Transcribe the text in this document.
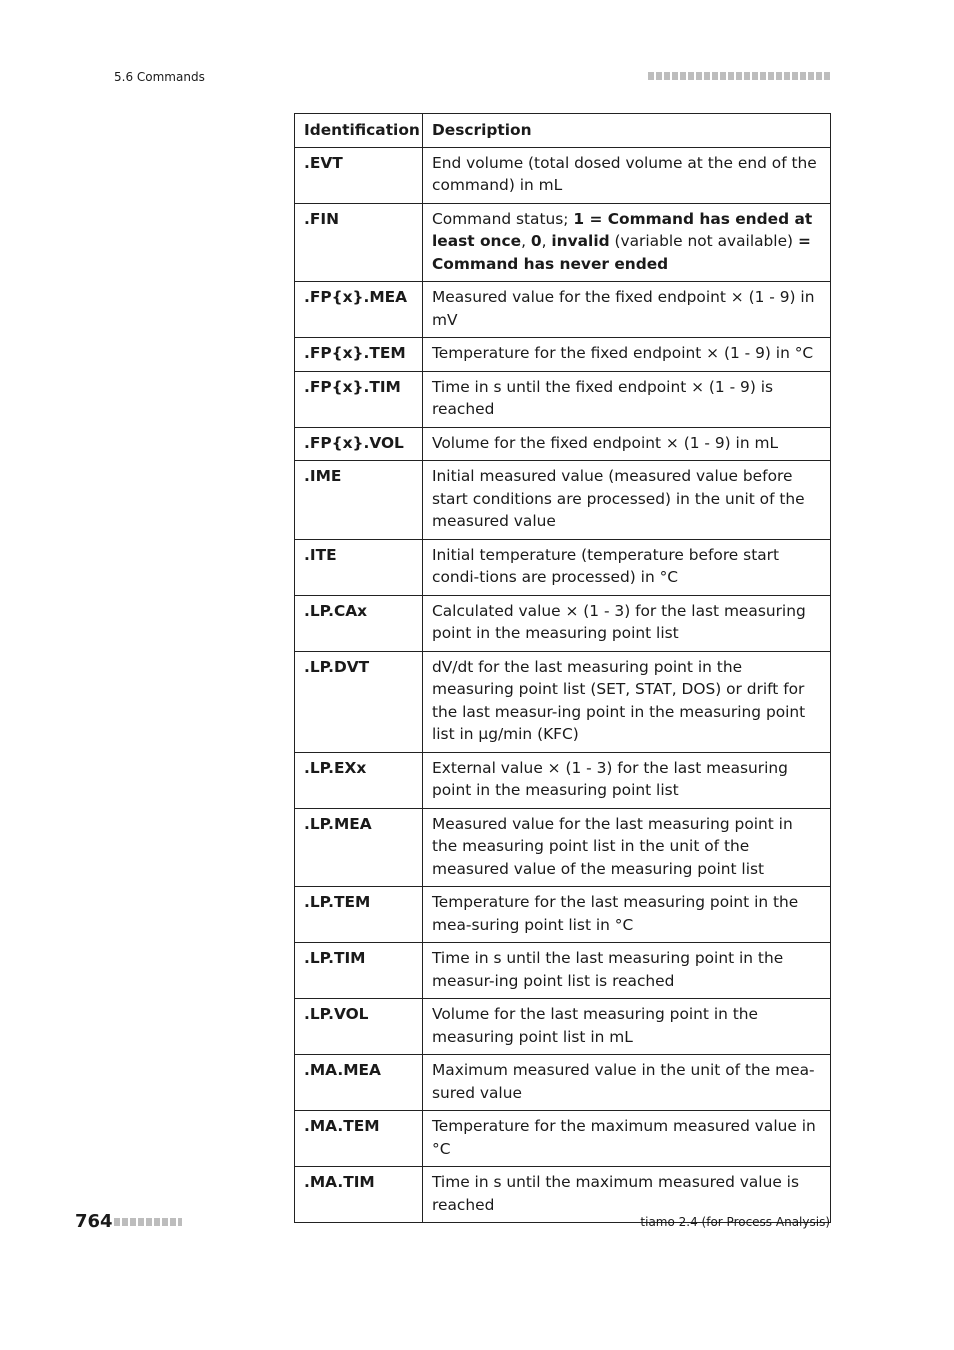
5.6 Commands
Identification	Description
.EVT	End volume (total dosed volume at the end of the command) in mL
.FIN	Command status; 1 = Command has ended at least once, 0, invalid (variable not available) = Command has never ended
.FP{x}.MEA	Measured value for the fixed endpoint × (1 - 9) in mV
.FP{x}.TEM	Temperature for the fixed endpoint × (1 - 9) in °C
.FP{x}.TIM	Time in s until the fixed endpoint × (1 - 9) is reached
.FP{x}.VOL	Volume for the fixed endpoint × (1 - 9) in mL
.IME	Initial measured value (measured value before start conditions are processed) in the unit of the measured value
.ITE	Initial temperature (temperature before start condi-tions are processed) in °C
.LP.CAx	Calculated value × (1 - 3) for the last measuring point in the measuring point list
.LP.DVT	dV/dt for the last measuring point in the measuring point list (SET, STAT, DOS) or drift for the last measur-ing point in the measuring point list in µg/min (KFC)
.LP.EXx	External value × (1 - 3) for the last measuring point in the measuring point list
.LP.MEA	Measured value for the last measuring point in the measuring point list in the unit of the measured value of the measuring point list
.LP.TEM	Temperature for the last measuring point in the mea-suring point list in °C
.LP.TIM	Time in s until the last measuring point in the measur-ing point list is reached
.LP.VOL	Volume for the last measuring point in the measuring point list in mL
.MA.MEA	Maximum measured value in the unit of the mea-sured value
.MA.TEM	Temperature for the maximum measured value in °C
.MA.TIM	Time in s until the maximum measured value is reached
764	tiamo 2.4 (for Process Analysis)
